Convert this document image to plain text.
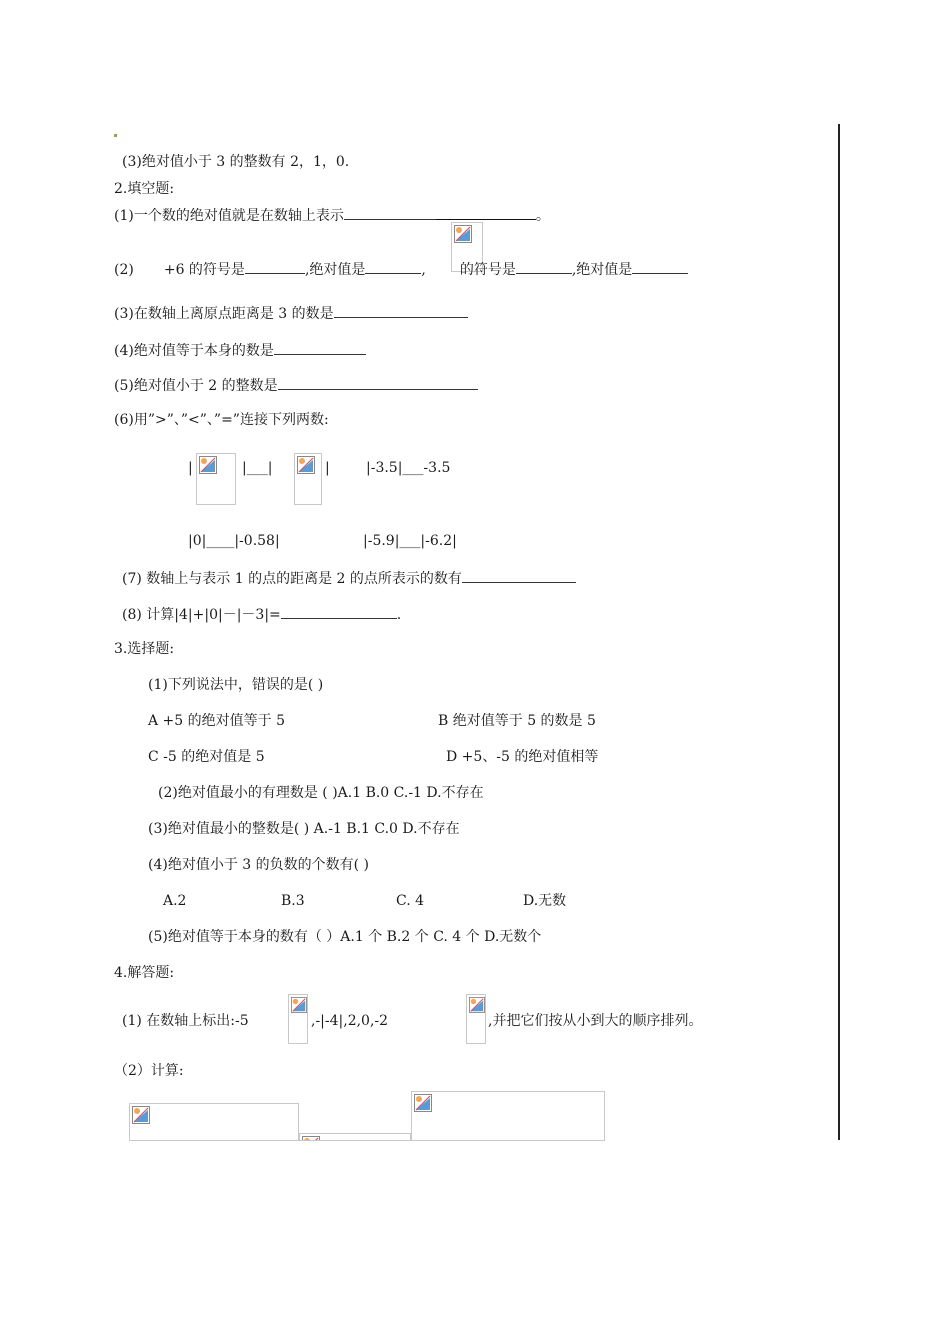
(3)绝对值小于 3 的整数有 2，1，0.
2.填空题:
(1)一个数的绝对值就是在数轴上表示	。
(2) +6 的符号是	,绝对值是	, 的符号是	,绝对值是
(3)在数轴上离原点距离是 3 的数是
(4)绝对值等于本身的数是
(5)绝对值小于 2 的整数是
(6)用”>”、”<”、”=”连接下列两数:
|	|___|	|	|-3.5|___-3.5
|0|____|-0.58|	|-5.9|___|-6.2|
(7) 数轴上与表示 1 的点的距离是 2 的点所表示的数有
(8) 计算|4|+|0|－|－3|=	.
3.选择题:
(1)下列说法中，错误的是( )
A +5 的绝对值等于 5	B 绝对值等于 5 的数是 5
C -5 的绝对值是 5	D +5、-5 的绝对值相等
(2)绝对值最小的有理数是 ( )A.1 B.0 C.-1 D.不存在
(3)绝对值最小的整数是( ) A.-1 B.1 C.0 D.不存在
(4)绝对值小于 3 的负数的个数有( )
A.2	B.3	C. 4	D.无数
(5)绝对值等于本身的数有（ ）A.1 个 B.2 个 C. 4 个 D.无数个
4.解答题:
(1) 在数轴上标出:-5	,-|-4|,2,0,-2	,并把它们按从小到大的顺序排列。
（2）计算:
